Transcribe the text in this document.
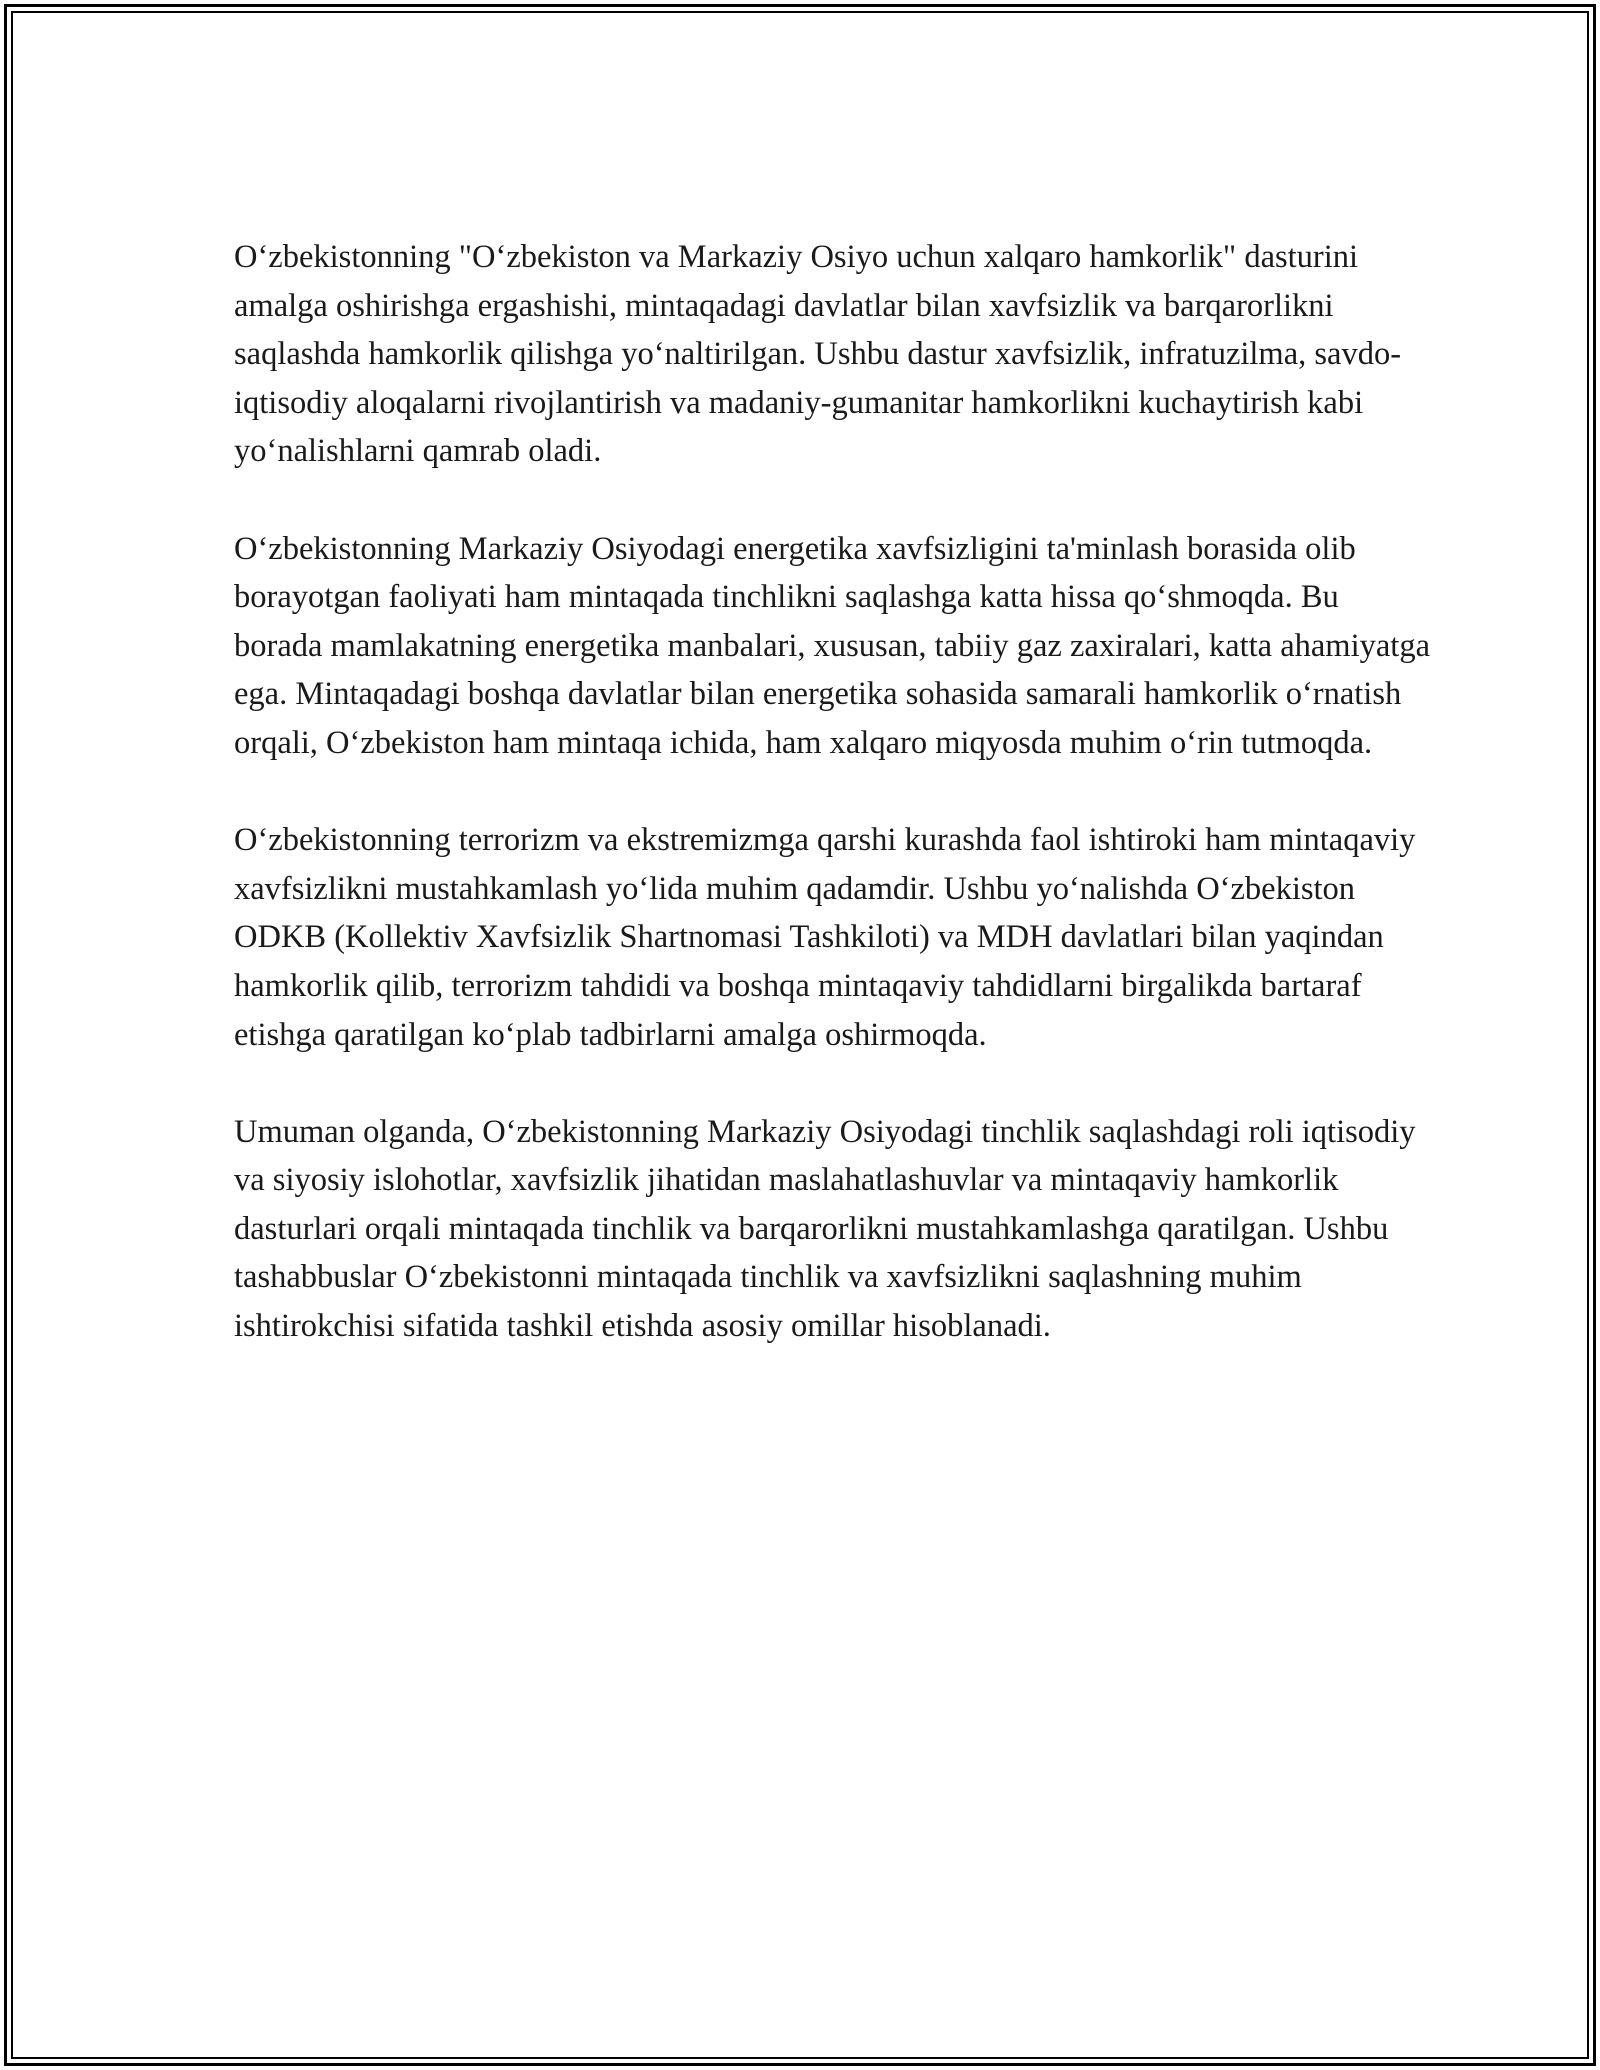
O‘zbekistonning "O‘zbekiston va Markaziy Osiyo uchun xalqaro hamkorlik" dasturini amalga oshirishga ergashishi, mintaqadagi davlatlar bilan xavfsizlik va barqarorlikni saqlashda hamkorlik qilishga yo‘naltirilgan. Ushbu dastur xavfsizlik, infratuzilma, savdo-iqtisodiy aloqalarni rivojlantirish va madaniy-gumanitar hamkorlikni kuchaytirish kabi yo‘nalishlarni qamrab oladi.

O‘zbekistonning Markaziy Osiyodagi energetika xavfsizligini ta'minlash borasida olib borayotgan faoliyati ham mintaqada tinchlikni saqlashga katta hissa qo‘shmoqda. Bu borada mamlakatning energetika manbalari, xususan, tabiiy gaz zaxiralari, katta ahamiyatga ega. Mintaqadagi boshqa davlatlar bilan energetika sohasida samarali hamkorlik o‘rnatish orqali, O‘zbekiston ham mintaqa ichida, ham xalqaro miqyosda muhim o‘rin tutmoqda.

O‘zbekistonning terrorizm va ekstremizmga qarshi kurashda faol ishtiroki ham mintaqaviy xavfsizlikni mustahkamlash yo‘lida muhim qadamdir. Ushbu yo‘nalishda O‘zbekiston ODKB (Kollektiv Xavfsizlik Shartnomasi Tashkiloti) va MDH davlatlari bilan yaqindan hamkorlik qilib, terrorizm tahdidi va boshqa mintaqaviy tahdidlarni birgalikda bartaraf etishga qaratilgan ko‘plab tadbirlarni amalga oshirmoqda.

Umuman olganda, O‘zbekistonning Markaziy Osiyodagi tinchlik saqlashdagi roli iqtisodiy va siyosiy islohotlar, xavfsizlik jihatidan maslahatlashuvlar va mintaqaviy hamkorlik dasturlari orqali mintaqada tinchlik va barqarorlikni mustahkamlashga qaratilgan. Ushbu tashabbuslar O‘zbekistonni mintaqada tinchlik va xavfsizlikni saqlashning muhim ishtirokchisi sifatida tashkil etishda asosiy omillar hisoblanadi.
